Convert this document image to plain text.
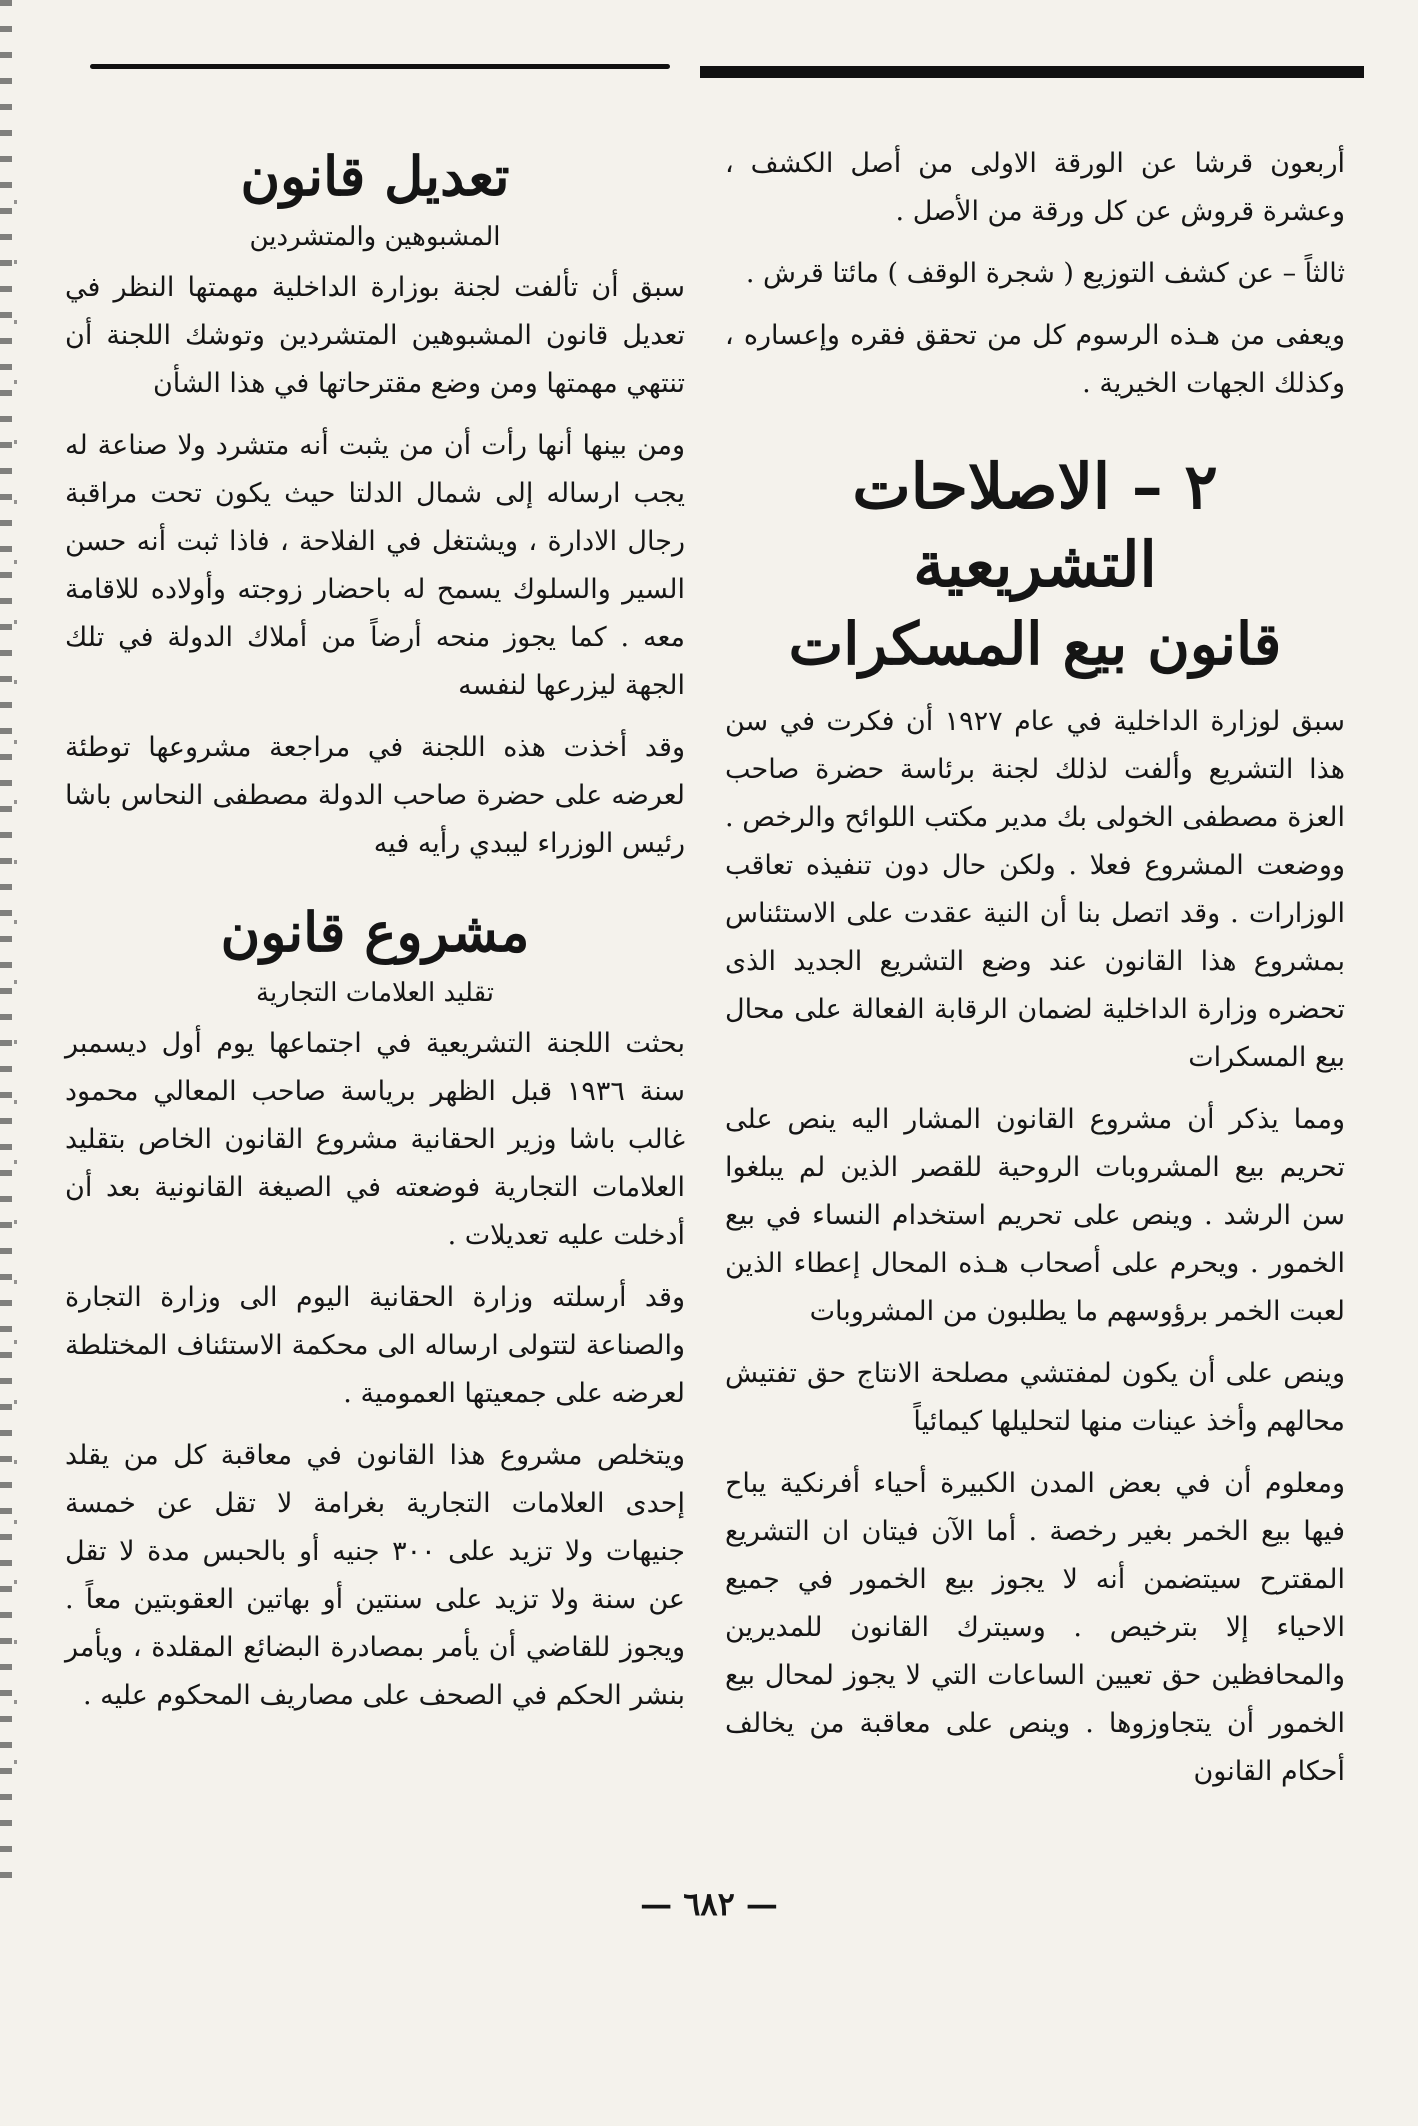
أربعون قرشا عن الورقة الاولى من أصل الكشف ، وعشرة قروش عن كل ورقة من الأصل .

ثالثاً – عن كشف التوزيع ( شجرة الوقف ) مائتا قرش .

ويعفى من هـذه الرسوم كل من تحقق فقره وإعساره ، وكذلك الجهات الخيرية .

٢ – الاصلاحات التشريعية
قانون بيع المسكرات

سبق لوزارة الداخلية في عام ١٩٢٧ أن فكرت في سن هذا التشريع وألفت لذلك لجنة برئاسة حضرة صاحب العزة مصطفى الخولى بك مدير مكتب اللوائح والرخص . ووضعت المشروع فعلا . ولكن حال دون تنفيذه تعاقب الوزارات . وقد اتصل بنا أن النية عقدت على الاستئناس بمشروع هذا القانون عند وضع التشريع الجديد الذى تحضره وزارة الداخلية لضمان الرقابة الفعالة على محال بيع المسكرات

ومما يذكر أن مشروع القانون المشار اليه ينص على تحريم بيع المشروبات الروحية للقصر الذين لم يبلغوا سن الرشد . وينص على تحريم استخدام النساء في بيع الخمور . ويحرم على أصحاب هـذه المحال إعطاء الذين لعبت الخمر برؤوسهم ما يطلبون من المشروبات

وينص على أن يكون لمفتشي مصلحة الانتاج حق تفتيش محالهم وأخذ عينات منها لتحليلها كيمائياً

ومعلوم أن في بعض المدن الكبيرة أحياء أفرنكية يباح فيها بيع الخمر بغير رخصة . أما الآن فيتان ان التشريع المقترح سيتضمن أنه لا يجوز بيع الخمور في جميع الاحياء إلا بترخيص . وسيترك القانون للمديرين والمحافظين حق تعيين الساعات التي لا يجوز لمحال بيع الخمور أن يتجاوزوها . وينص على معاقبة من يخالف أحكام القانون

تعديل قانون
المشبوهين والمتشردين

سبق أن تألفت لجنة بوزارة الداخلية مهمتها النظر في تعديل قانون المشبوهين المتشردين وتوشك اللجنة أن تنتهي مهمتها ومن وضع مقترحاتها في هذا الشأن

ومن بينها أنها رأت أن من يثبت أنه متشرد ولا صناعة له يجب ارساله إلى شمال الدلتا حيث يكون تحت مراقبة رجال الادارة ، ويشتغل في الفلاحة ، فاذا ثبت أنه حسن السير والسلوك يسمح له باحضار زوجته وأولاده للاقامة معه . كما يجوز منحه أرضاً من أملاك الدولة في تلك الجهة ليزرعها لنفسه

وقد أخذت هذه اللجنة في مراجعة مشروعها توطئة لعرضه على حضرة صاحب الدولة مصطفى النحاس باشا رئيس الوزراء ليبدي رأيه فيه

مشروع قانون
تقليد العلامات التجارية

بحثت اللجنة التشريعية في اجتماعها يوم أول ديسمبر سنة ١٩٣٦ قبل الظهر برياسة صاحب المعالي محمود غالب باشا وزير الحقانية مشروع القانون الخاص بتقليد العلامات التجارية فوضعته في الصيغة القانونية بعد أن أدخلت عليه تعديلات .

وقد أرسلته وزارة الحقانية اليوم الى وزارة التجارة والصناعة لتتولى ارساله الى محكمة الاستئناف المختلطة لعرضه على جمعيتها العمومية .

ويتخلص مشروع هذا القانون في معاقبة كل من يقلد إحدى العلامات التجارية بغرامة لا تقل عن خمسة جنيهات ولا تزيد على ٣٠٠ جنيه أو بالحبس مدة لا تقل عن سنة ولا تزيد على سنتين أو بهاتين العقوبتين معاً . ويجوز للقاضي أن يأمر بمصادرة البضائع المقلدة ، ويأمر بنشر الحكم في الصحف على مصاريف المحكوم عليه .

— ٦٨٢ —
